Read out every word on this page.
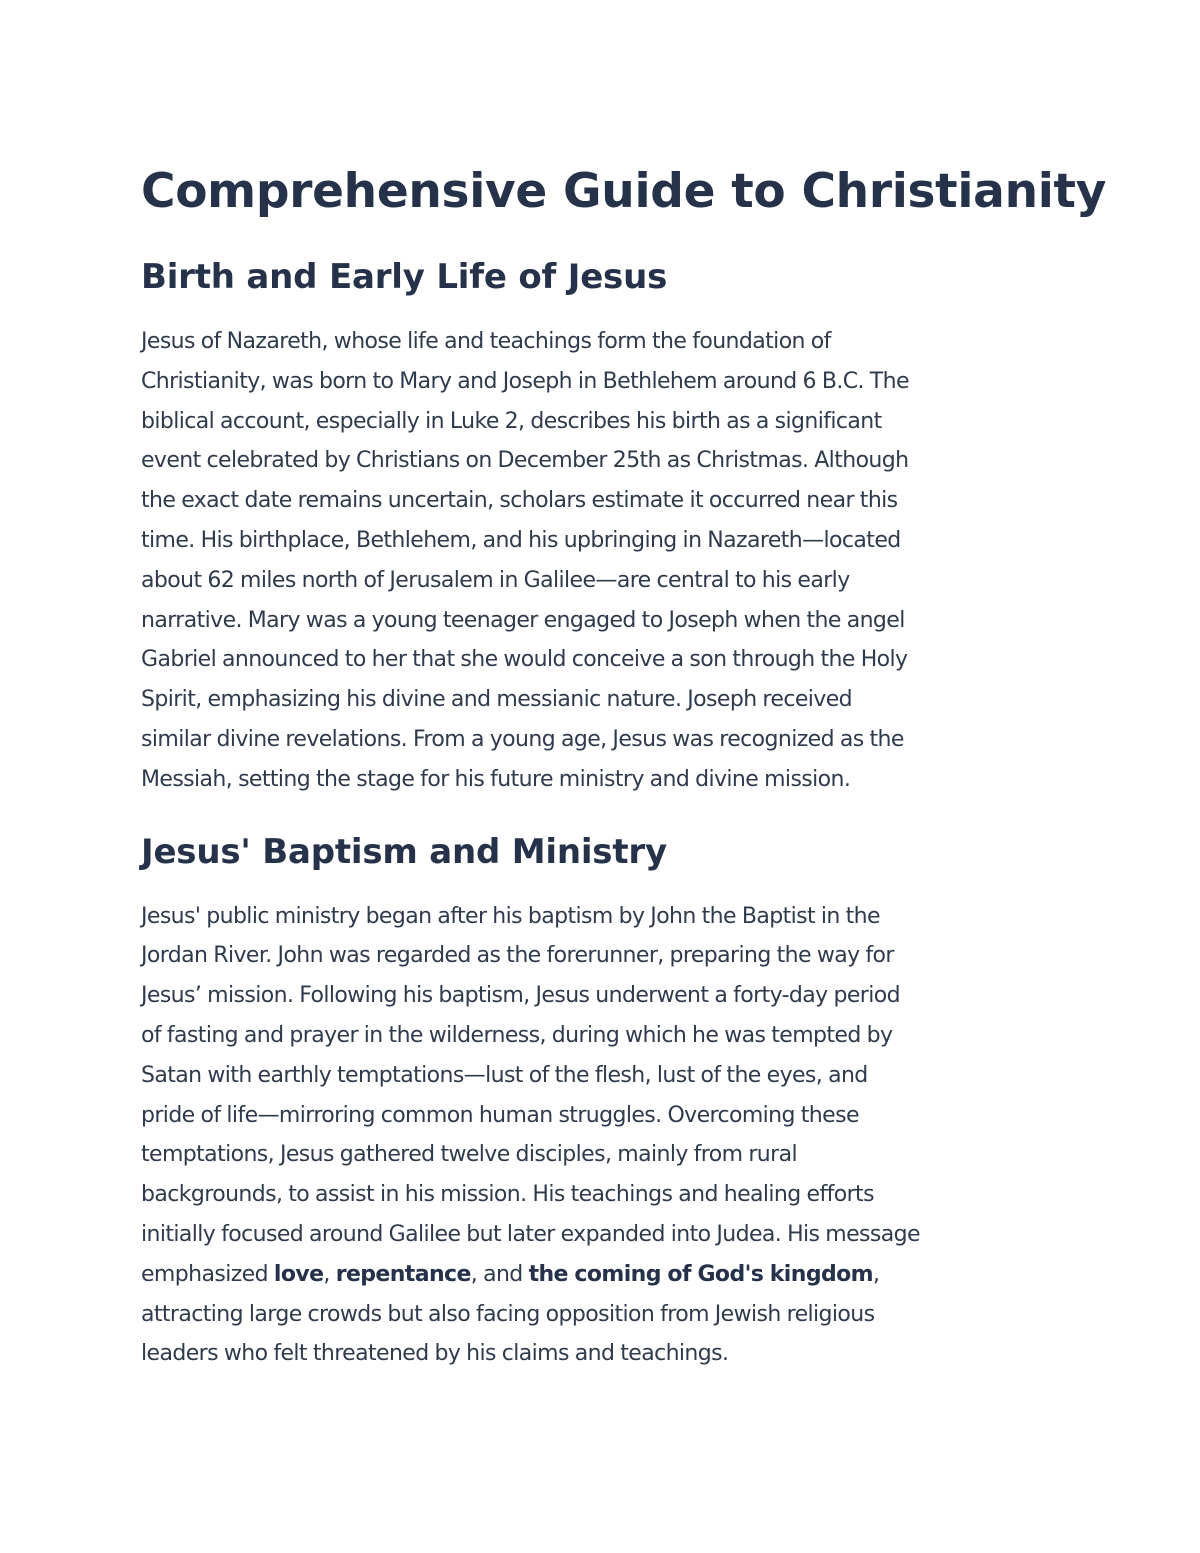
Comprehensive Guide to Christianity
Birth and Early Life of Jesus

Jesus of Nazareth, whose life and teachings form the foundation of
Christianity, was born to Mary and Joseph in Bethlehem around 6 B.C. The
biblical account, especially in Luke 2, describes his birth as a significant
event celebrated by Christians on December 25th as Christmas. Although
the exact date remains uncertain, scholars estimate it occurred near this
time. His birthplace, Bethlehem, and his upbringing in Nazareth—located
about 62 miles north of Jerusalem in Galilee—are central to his early
narrative. Mary was a young teenager engaged to Joseph when the angel
Gabriel announced to her that she would conceive a son through the Holy
Spirit, emphasizing his divine and messianic nature. Joseph received
similar divine revelations. From a young age, Jesus was recognized as the
Messiah, setting the stage for his future ministry and divine mission.

Jesus' Baptism and Ministry

Jesus' public ministry began after his baptism by John the Baptist in the
Jordan River. John was regarded as the forerunner, preparing the way for
Jesus’ mission. Following his baptism, Jesus underwent a forty-day period
of fasting and prayer in the wilderness, during which he was tempted by
Satan with earthly temptations—lust of the flesh, lust of the eyes, and
pride of life—mirroring common human struggles. Overcoming these
temptations, Jesus gathered twelve disciples, mainly from rural
backgrounds, to assist in his mission. His teachings and healing efforts
initially focused around Galilee but later expanded into Judea. His message
emphasized love, repentance, and the coming of God's kingdom,
attracting large crowds but also facing opposition from Jewish religious
leaders who felt threatened by his claims and teachings.
